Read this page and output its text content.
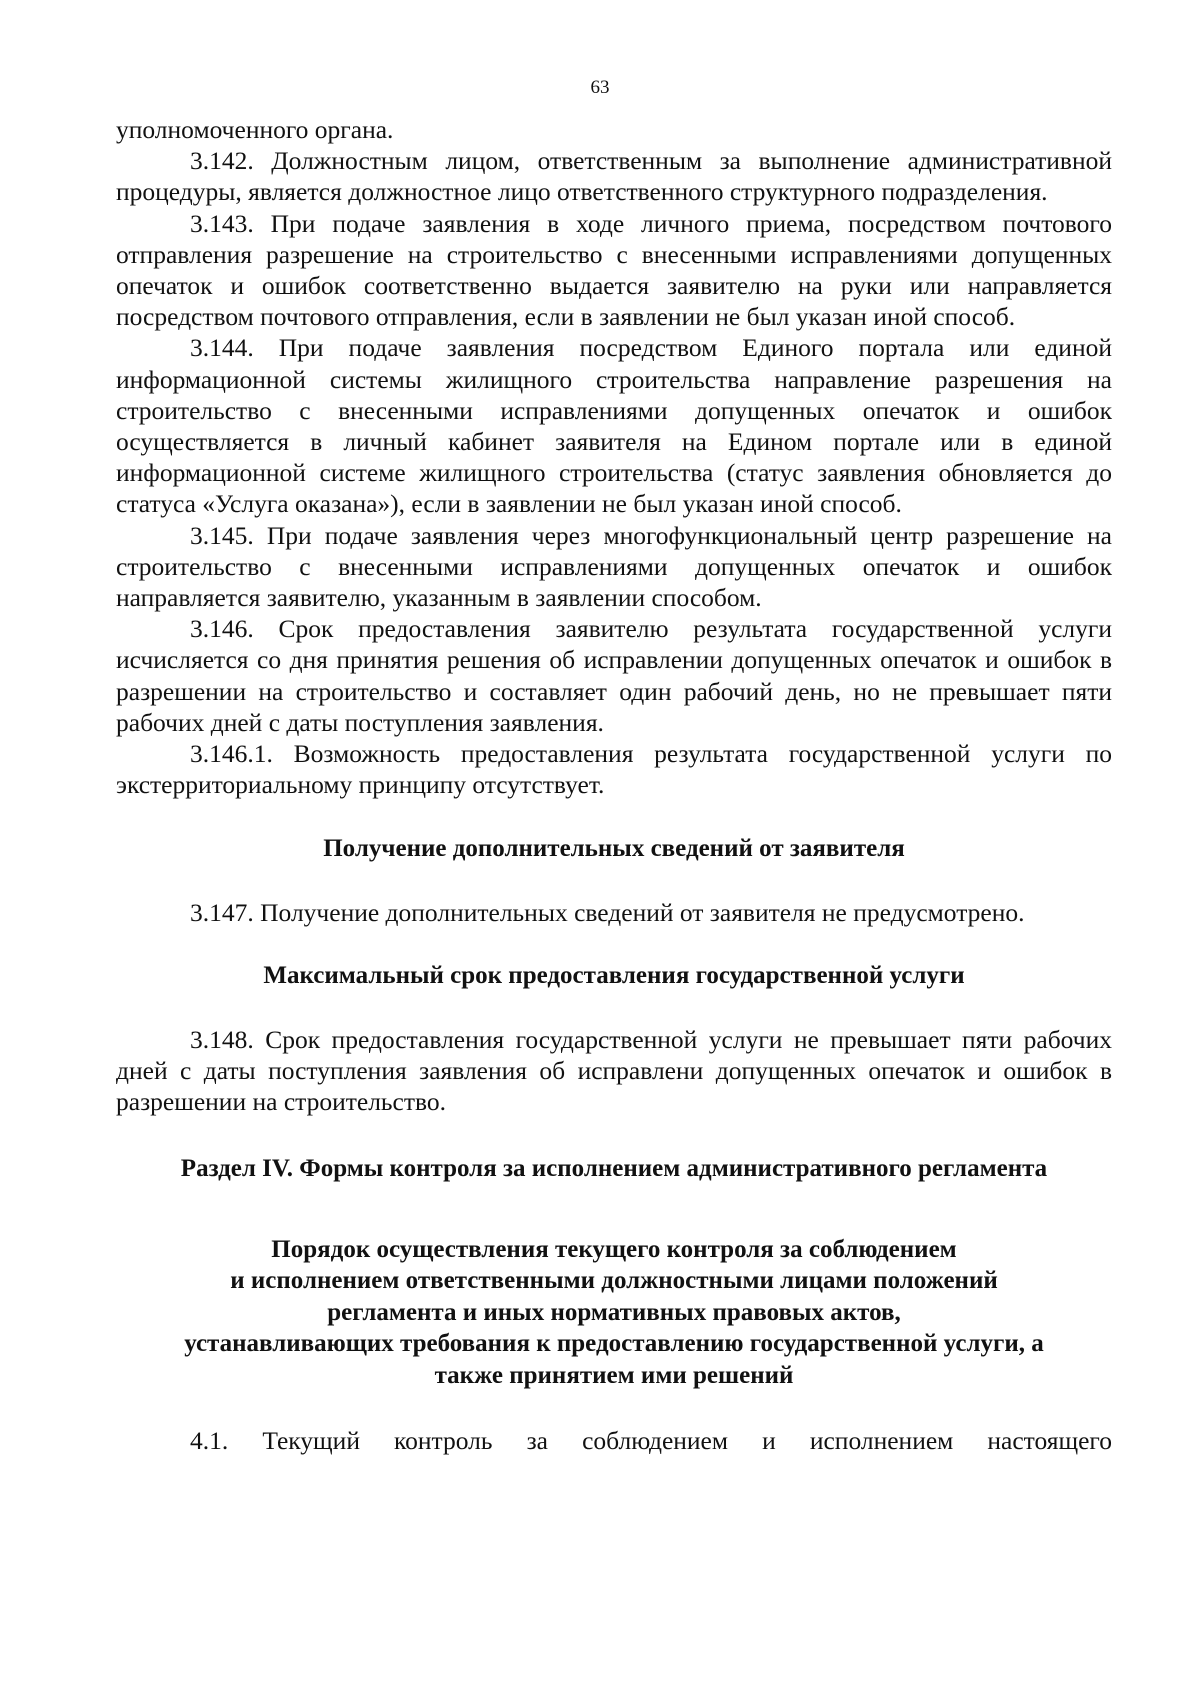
63

уполномоченного органа.

3.142. Должностным лицом, ответственным за выполнение административной процедуры, является должностное лицо ответственного структурного подразделения.

3.143. При подаче заявления в ходе личного приема, посредством почтового отправления разрешение на строительство с внесенными исправлениями допущенных опечаток и ошибок соответственно выдается заявителю на руки или направляется посредством почтового отправления, если в заявлении не был указан иной способ.

3.144. При подаче заявления посредством Единого портала или единой информационной системы жилищного строительства направление разрешения на строительство с внесенными исправлениями допущенных опечаток и ошибок осуществляется в личный кабинет заявителя на Едином портале или в единой информационной системе жилищного строительства (статус заявления обновляется до статуса «Услуга оказана»), если в заявлении не был указан иной способ.

3.145. При подаче заявления через многофункциональный центр разрешение на строительство с внесенными исправлениями допущенных опечаток и ошибок направляется заявителю, указанным в заявлении способом.

3.146. Срок предоставления заявителю результата государственной услуги исчисляется со дня принятия решения об исправлении допущенных опечаток и ошибок в разрешении на строительство и составляет один рабочий день, но не превышает пяти рабочих дней с даты поступления заявления.

3.146.1. Возможность предоставления результата государственной услуги по экстерриториальному принципу отсутствует.

Получение дополнительных сведений от заявителя

3.147. Получение дополнительных сведений от заявителя не предусмотрено.

Максимальный срок предоставления государственной услуги

3.148. Срок предоставления государственной услуги не превышает пяти рабочих дней с даты поступления заявления об исправлени допущенных опечаток и ошибок в разрешении на строительство.

Раздел IV. Формы контроля за исполнением административного регламента
Порядок осуществления текущего контроля за соблюдением
и исполнением ответственными должностными лицами положений
регламента и иных нормативных правовых актов,
устанавливающих требования к предоставлению государственной услуги, а
также принятием ими решений

4.1. Текущий контроль за соблюдением и исполнением настоящего
